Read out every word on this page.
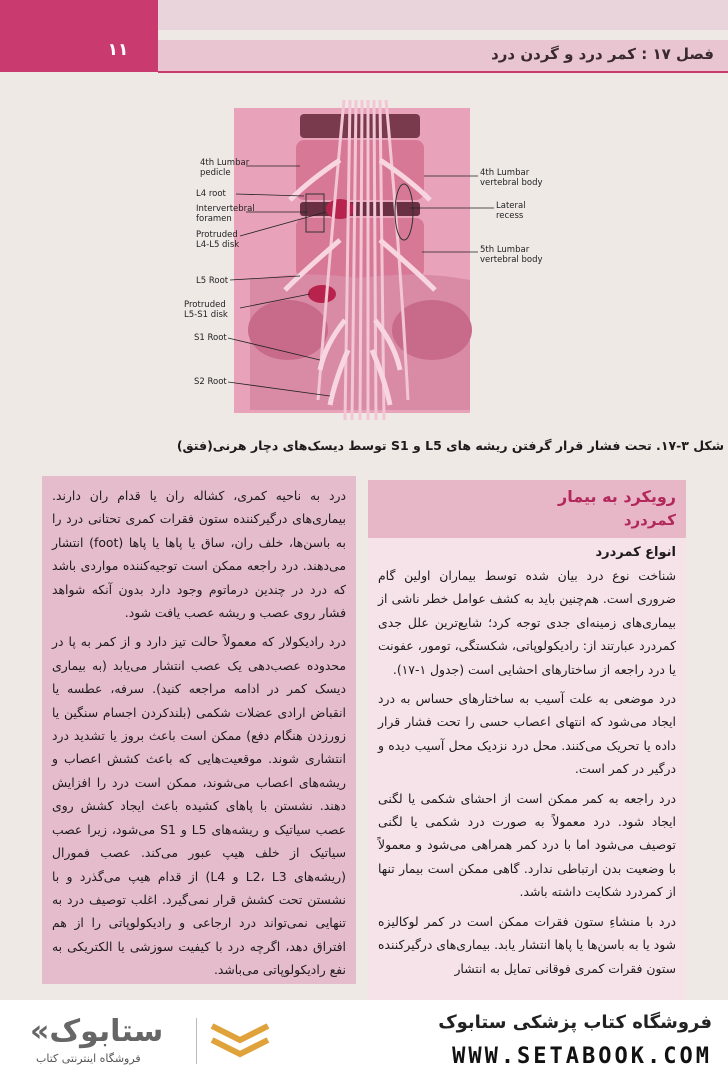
۱۱	فصل ۱۷ : کمر درد و گردن درد
4th Lumbar
pedicle
L4 root
Intervertebral
foramen
Protruded
L4-L5 disk
L5 Root
Protruded
L5-S1 disk
S1 Root
S2 Root
4th Lumbar
vertebral body
Lateral
recess
5th Lumbar
vertebral body
شکل ۳-۱۷. تحت فشار قرار گرفتن ریشه های L5 و S1 توسط دیسک‌های دچار هرنی(فتق)
رویکرد به بیمار
کمردرد
انواع کمردرد

شناخت نوع درد بیان شده توسط بیماران اولین گام ضروری است. هم‌چنین باید به کشف عوامل خطر ناشی از بیماری‌های زمینه‌ای جدی توجه کرد؛ شایع‌ترین علل جدی کمردرد عبارتند از: رادیکولوپاتی، شکستگی، تومور، عفونت یا درد راجعه از ساختارهای احشایی است (جدول ۱-۱۷).

درد موضعی به علت آسیب به ساختارهای حساس به درد ایجاد می‌شود که انتهای اعصاب حسی را تحت فشار قرار داده یا تحریک می‌کنند. محل درد نزدیک محل آسیب دیده و درگیر در کمر است.

درد راجعه به کمر ممکن است از احشای شکمی یا لگنی ایجاد شود. درد معمولاً به صورت درد شکمی یا لگنی توصیف می‌شود اما با درد کمر همراهی می‌شود و معمولاً با وضعیت بدن ارتباطی ندارد. گاهی ممکن است بیمار تنها از کمردرد شکایت داشته باشد.

درد با منشاءِ ستون فقرات ممکن است در کمر لوکالیزه شود یا به باسن‌ها یا پاها انتشار یابد. بیماری‌های درگیرکننده ستون فقرات کمری فوقانی تمایل به انتشار

درد به ناحیه کمری، کشاله ران یا قدام ران دارند. بیماری‌های درگیرکننده ستون فقرات کمری تحتانی درد را به باسن‌ها، خلف ران، ساق یا پاها یا پاها (foot) انتشار می‌دهند. درد راجعه ممکن است توجیه‌کننده مواردی باشد که درد در چندین درماتوم وجود دارد بدون آنکه شواهد فشار روی عصب و ریشه عصب یافت شود.

درد رادیکولار که معمولاً حالت تیز دارد و از کمر به پا در محدوده عصب‌دهی یک عصب انتشار می‌یابد (به بیماری دیسک کمر در ادامه مراجعه کنید). سرفه، عطسه یا انقباض ارادی عضلات شکمی (بلندکردن اجسام سنگین یا زورزدن هنگام دفع) ممکن است باعث بروز یا تشدید درد انتشاری شوند. موقعیت‌هایی که باعث کشش اعصاب و ریشه‌های اعصاب می‌شوند، ممکن است درد را افزایش دهند. نشستن با پاهای کشیده باعث ایجاد کشش روی عصب سیاتیک و ریشه‌های L5 و S1 می‌شود، زیرا عصب سیاتیک از خلف هیپ عبور می‌کند. عصب فمورال (ریشه‌های L2، L3 و L4) از قدام هیپ می‌گذرد و با نشستن تحت کشش قرار نمی‌گیرد. اغلب توصیف درد به تنهایی نمی‌تواند درد ارجاعی و رادیکولوپاتی را از هم افتراق دهد، اگرچه درد با کیفیت سوزشی یا الکتریکی به نفع رادیکولوپاتی می‌باشد.

فروشگاه کتاب پزشکی ستابوک
WWW.SETABOOK.COM
«ستابوک
فروشگاه اینترنتی کتاب
